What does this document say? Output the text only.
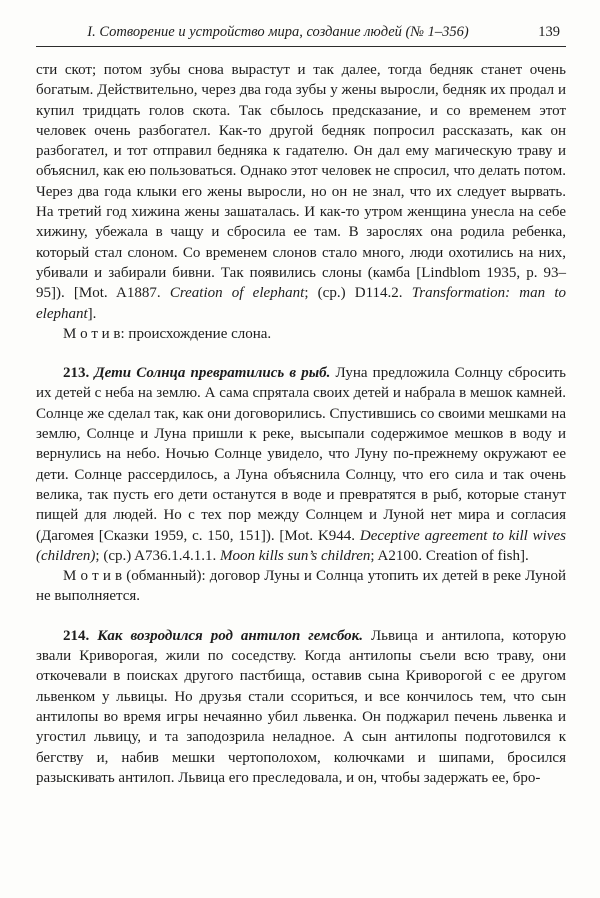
I. Сотворение и устройство мира, создание людей (№ 1–356)	139

сти скот; потом зубы снова вырастут и так далее, тогда бедняк станет очень богатым. Действительно, через два года зубы у жены выросли, бедняк их продал и купил тридцать голов скота. Так сбылось предсказание, и со временем этот человек очень разбогател. Как-то другой бедняк попросил рассказать, как он разбогател, и тот отправил бедняка к гадателю. Он дал ему магическую траву и объяснил, как ею пользоваться. Однако этот человек не спросил, что делать потом. Через два года клыки его жены выросли, но он не знал, что их следует вырвать. На третий год хижина жены зашаталась. И как-то утром женщина унесла на себе хижину, убежала в чащу и сбросила ее там. В зарослях она родила ребенка, который стал слоном. Со временем слонов стало много, люди охотились на них, убивали и забирали бивни. Так появились слоны (камба [Lindblom 1935, p. 93–95]). [Mot. A1887. Creation of elephant; (ср.) D114.2. Transformation: man to elephant].

М о т и в: происхождение слона.

213. Дети Солнца превратились в рыб. Луна предложила Солнцу сбросить их детей с неба на землю. А сама спрятала своих детей и набрала в мешок камней. Солнце же сделал так, как они договорились. Спустившись со своими мешками на землю, Солнце и Луна пришли к реке, высыпали содержимое мешков в воду и вернулись на небо. Ночью Солнце увидело, что Луну по-прежнему окружают ее дети. Солнце рассердилось, а Луна объяснила Солнцу, что его сила и так очень велика, так пусть его дети останутся в воде и превратятся в рыб, которые станут пищей для людей. Но с тех пор между Солнцем и Луной нет мира и согласия (Дагомея [Сказки 1959, с. 150, 151]). [Mot. K944. Deceptive agreement to kill wives (children); (ср.) A736.1.4.1.1. Moon kills sun’s children; A2100. Creation of fish].

М о т и в (обманный): договор Луны и Солнца утопить их детей в реке Луной не выполняется.

214. Как возродился род антилоп гемсбок. Львица и антилопа, которую звали Криворогая, жили по соседству. Когда антилопы съели всю траву, они откочевали в поисках другого пастбища, оставив сына Криворогой с ее другом львенком у львицы. Но друзья стали ссориться, и все кончилось тем, что сын антилопы во время игры нечаянно убил львенка. Он поджарил печень львенка и угостил львицу, и та заподозрила неладное. А сын антилопы подготовился к бегству и, набив мешки чертополохом, колючками и шипами, бросился разыскивать антилоп. Львица его преследовала, и он, чтобы задержать ее, бро-
